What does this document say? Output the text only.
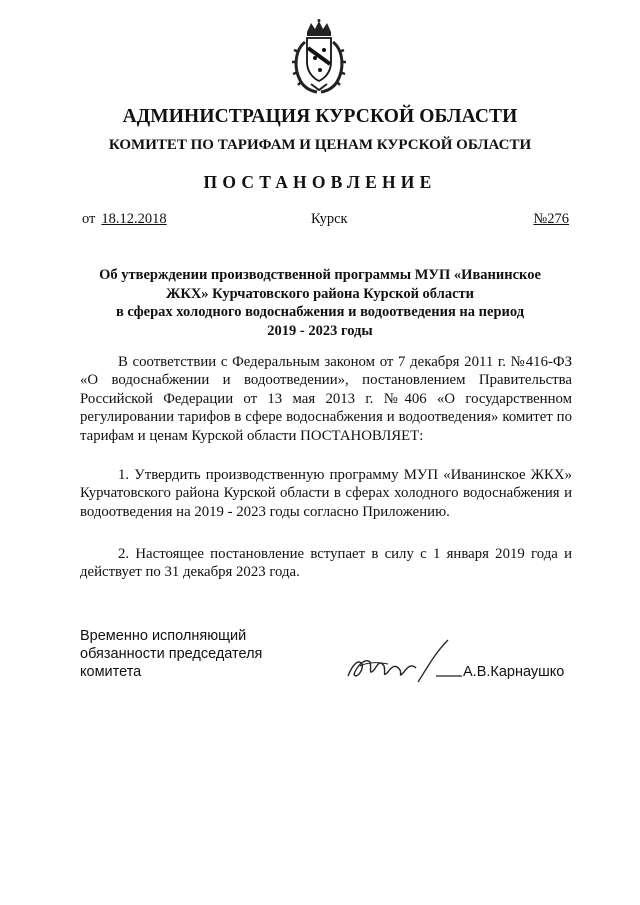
АДМИНИСТРАЦИЯ КУРСКОЙ ОБЛАСТИ
КОМИТЕТ ПО ТАРИФАМ И ЦЕНАМ КУРСКОЙ ОБЛАСТИ
ПОСТАНОВЛЕНИЕ
от 18.12.2018	Курск	№276
Об утверждении производственной программы МУП «Иванинское
ЖКХ» Курчатовского района Курской области
в сферах холодного водоснабжения и водоотведения на период
2019 - 2023 годы

В соответствии с Федеральным законом от 7 декабря 2011 г. №416-ФЗ «О водоснабжении и водоотведении», постановлением Правительства Российской Федерации от 13 мая 2013 г. №406 «О государственном регулировании тарифов в сфере водоснабжения и водоотведения» комитет по тарифам и ценам Курской области ПОСТАНОВЛЯЕТ:

1. Утвердить производственную программу МУП «Иванинское ЖКХ» Курчатовского района Курской области в сферах холодного водоснабжения и водоотведения на 2019 - 2023 годы согласно Приложению.

2. Настоящее постановление вступает в силу с 1 января 2019 года и действует по 31 декабря 2023 года.

Временно исполняющий
обязанности председателя
комитета	А.В.Карнаушко
